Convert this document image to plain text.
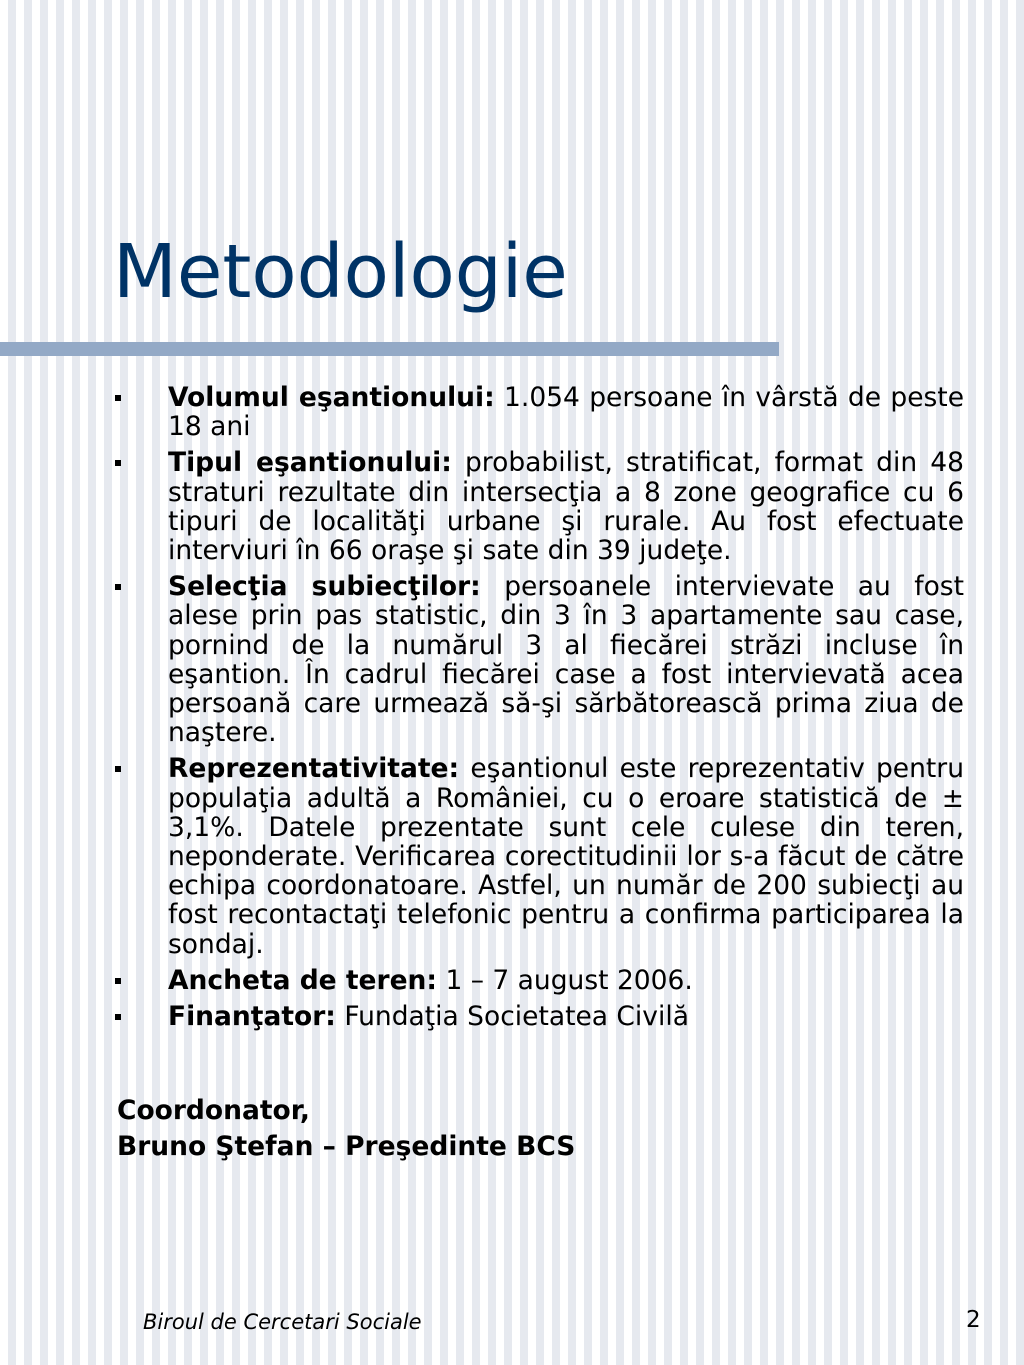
Metodologie
Volumul eşantionului: 1.054 persoane în vârstă de peste 18 ani
Tipul eşantionului: probabilist, stratificat, format din 48 straturi rezultate din intersecţia a 8 zone geografice cu 6 tipuri de localităţi urbane şi rurale. Au fost efectuate interviuri în 66 oraşe şi sate din 39 judeţe.
Selecţia subiecţilor: persoanele intervievate au fost alese prin pas statistic, din 3 în 3 apartamente sau case, pornind de la numărul 3 al fiecărei străzi incluse în eşantion. În cadrul fiecărei case a fost intervievată acea persoană care urmează să-şi sărbătorească prima ziua de naştere.
Reprezentativitate: eşantionul este reprezentativ pentru populaţia adultă a României, cu o eroare statistică de ± 3,1%. Datele prezentate sunt cele culese din teren, neponderate. Verificarea corectitudinii lor s-a făcut de către echipa coordonatoare. Astfel, un număr de 200 subiecţi au fost recontactaţi telefonic pentru a confirma participarea la sondaj.
Ancheta de teren: 1 – 7 august 2006.
Finanţator: Fundaţia Societatea Civilă

Coordonator,

Bruno Ştefan – Preşedinte BCS

Biroul de Cercetari Sociale	2
